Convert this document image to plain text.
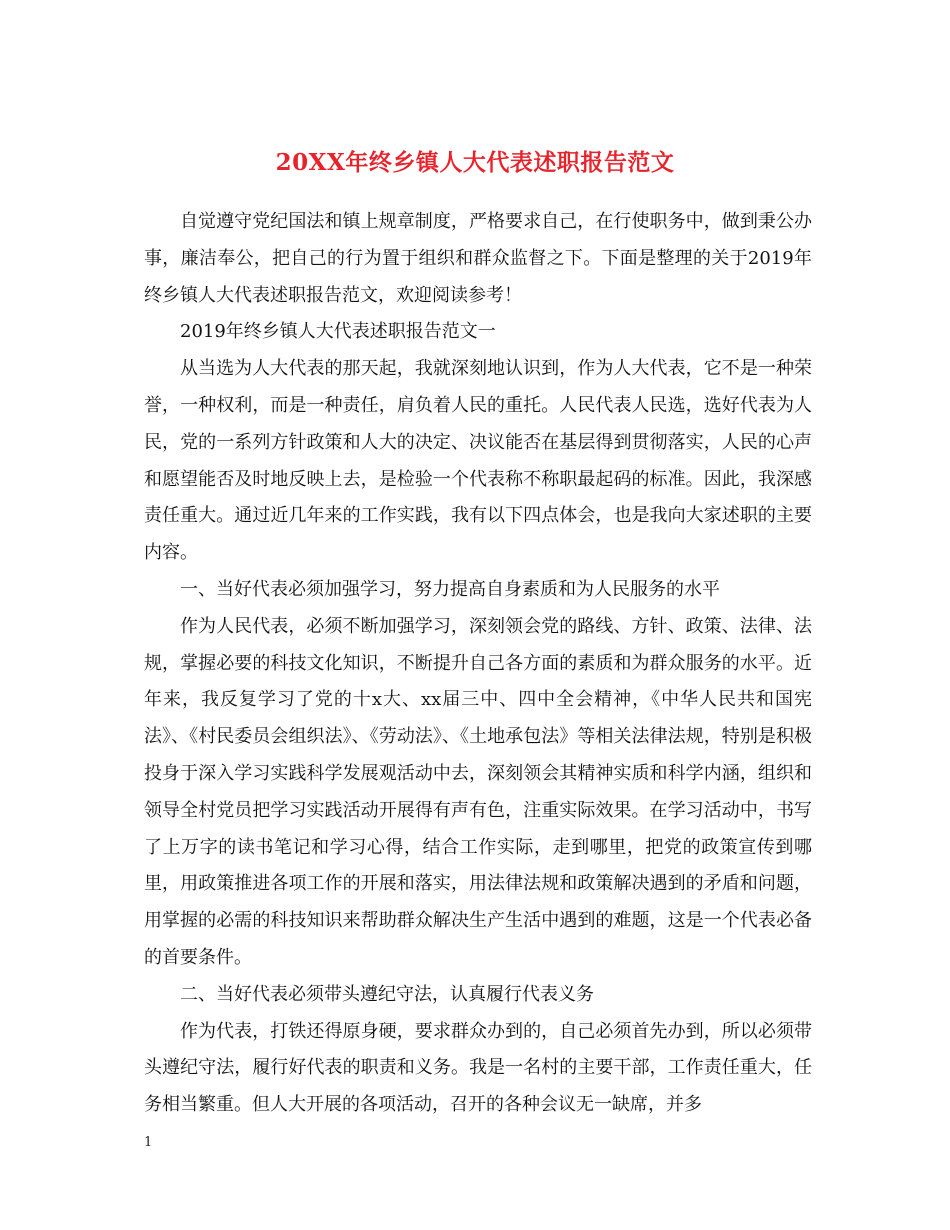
20XX年终乡镇人大代表述职报告范文

自觉遵守党纪国法和镇上规章制度，严格要求自己，在行使职务中，做到秉公办事，廉洁奉公，把自己的行为置于组织和群众监督之下。下面是整理的关于2019年终乡镇人大代表述职报告范文，欢迎阅读参考！

2019年终乡镇人大代表述职报告范文一

从当选为人大代表的那天起，我就深刻地认识到，作为人大代表，它不是一种荣誉，一种权利，而是一种责任，肩负着人民的重托。人民代表人民选，选好代表为人民，党的一系列方针政策和人大的决定、决议能否在基层得到贯彻落实，人民的心声和愿望能否及时地反映上去，是检验一个代表称不称职最起码的标准。因此，我深感责任重大。通过近几年来的工作实践，我有以下四点体会，也是我向大家述职的主要内容。

一、当好代表必须加强学习，努力提高自身素质和为人民服务的水平

作为人民代表，必须不断加强学习，深刻领会党的路线、方针、政策、法律、法规，掌握必要的科技文化知识，不断提升自己各方面的素质和为群众服务的水平。近年来，我反复学习了党的十x大、xx届三中、四中全会精神，《中华人民共和国宪法》、《村民委员会组织法》、《劳动法》、《土地承包法》等相关法律法规，特别是积极投身于深入学习实践科学发展观活动中去，深刻领会其精神实质和科学内涵，组织和领导全村党员把学习实践活动开展得有声有色，注重实际效果。在学习活动中，书写了上万字的读书笔记和学习心得，结合工作实际，走到哪里，把党的政策宣传到哪里，用政策推进各项工作的开展和落实，用法律法规和政策解决遇到的矛盾和问题，用掌握的必需的科技知识来帮助群众解决生产生活中遇到的难题，这是一个代表必备的首要条件。

二、当好代表必须带头遵纪守法，认真履行代表义务

作为代表，打铁还得原身硬，要求群众办到的，自己必须首先办到，所以必须带头遵纪守法，履行好代表的职责和义务。我是一名村的主要干部，工作责任重大，任务相当繁重。但人大开展的各项活动，召开的各种会议无一缺席，并多

1
